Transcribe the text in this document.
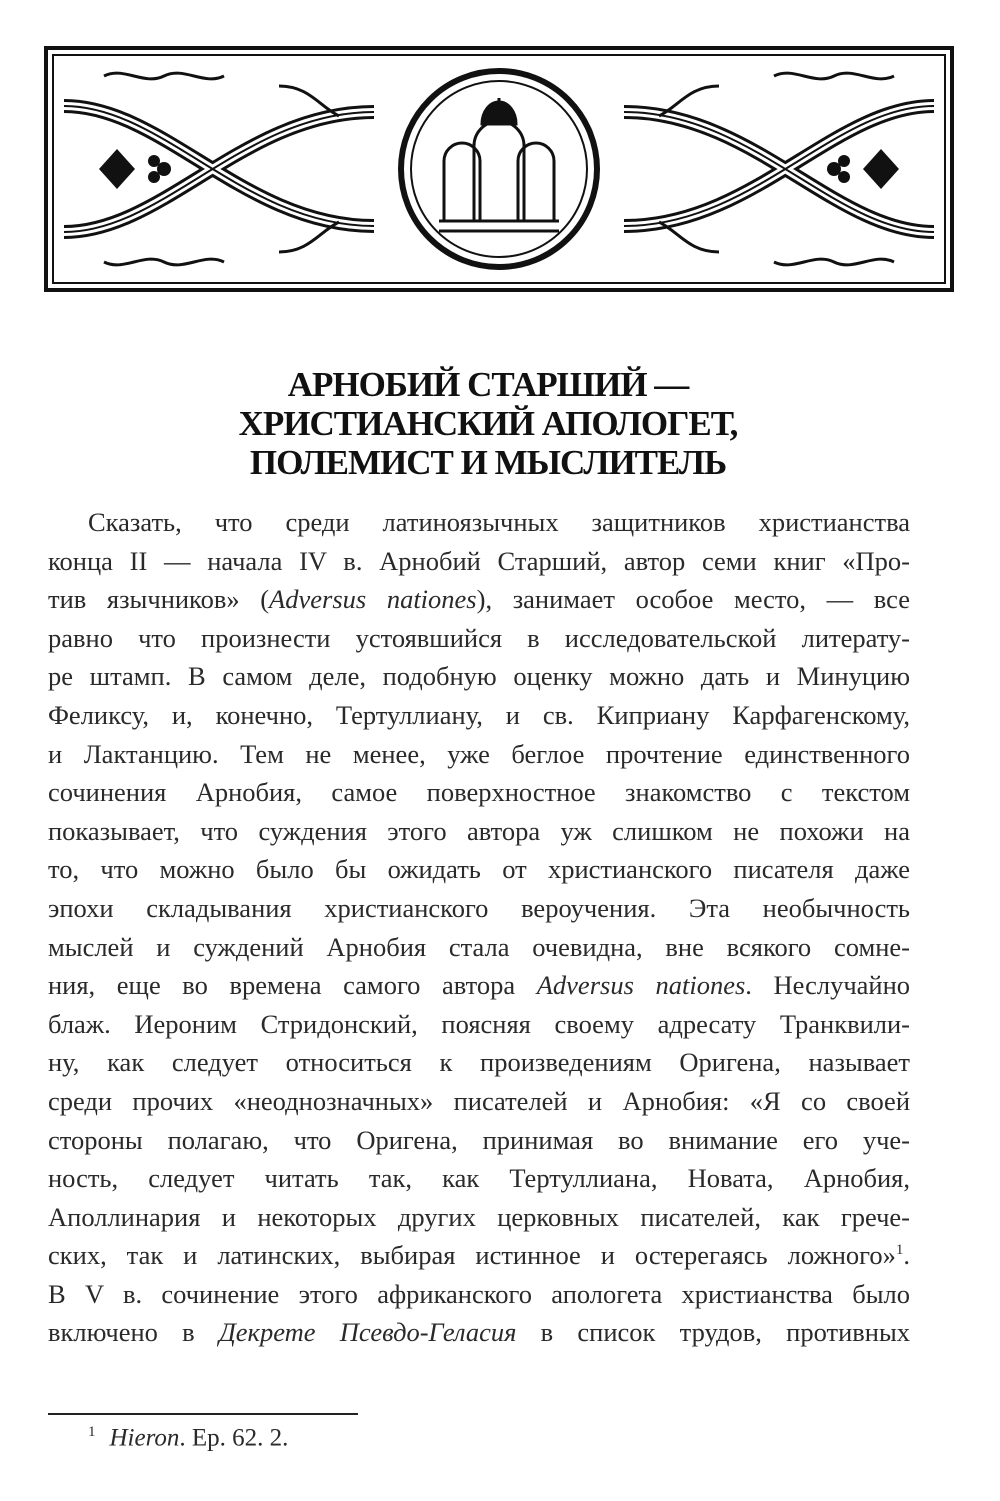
АРНОБИЙ СТАРШИЙ —
ХРИСТИАНСКИЙ АПОЛОГЕТ,
ПОЛЕМИСТ И МЫСЛИТЕЛЬ
Сказать, что среди латиноязычных защитников христианства
конца II — начала IV в. Арнобий Старший, автор семи книг «Про-
тив язычников» (Adversus nationes), занимает особое место, — все
равно что произнести устоявшийся в исследовательской литерату-
ре штамп. В самом деле, подобную оценку можно дать и Минуцию
Феликсу, и, конечно, Тертуллиану, и св. Киприану Карфагенскому,
и Лактанцию. Тем не менее, уже беглое прочтение единственного
сочинения Арнобия, самое поверхностное знакомство с текстом
показывает, что суждения этого автора уж слишком не похожи на
то, что можно было бы ожидать от христианского писателя даже
эпохи складывания христианского вероучения. Эта необычность
мыслей и суждений Арнобия стала очевидна, вне всякого сомне-
ния, еще во времена самого автора Adversus nationes. Неслучайно
блаж. Иероним Стридонский, поясняя своему адресату Транквили-
ну, как следует относиться к произведениям Оригена, называет
среди прочих «неоднозначных» писателей и Арнобия: «Я со своей
стороны полагаю, что Оригена, принимая во внимание его уче-
ность, следует читать так, как Тертуллиана, Новата, Арнобия,
Аполлинария и некоторых других церковных писателей, как грече-
ских, так и латинских, выбирая истинное и остерегаясь ложного»$^1$.
В V в. сочинение этого африканского апологета христианства было
включено в Декрете Псевдо-Геласия в список трудов, противных
$^1$ Hieron. Ep. 62. 2.
